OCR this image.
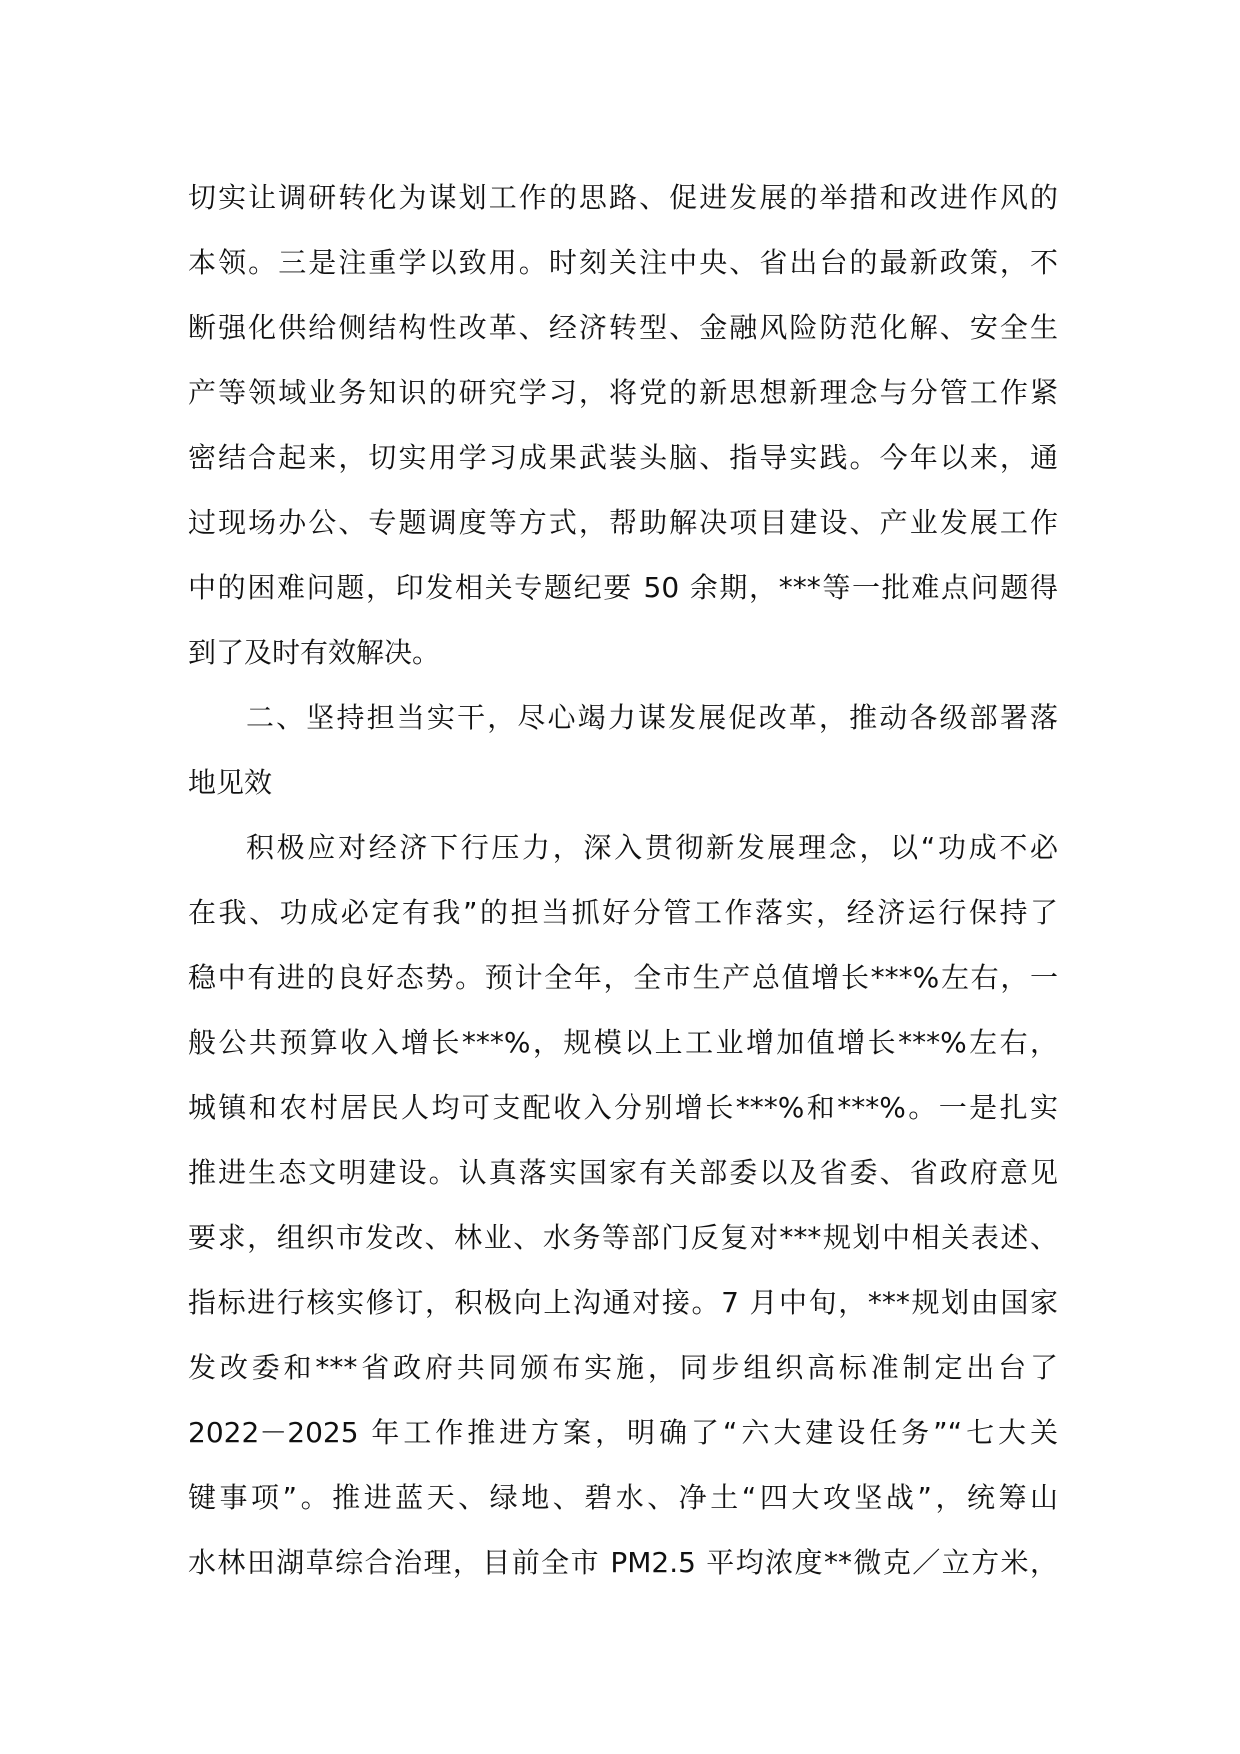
切实让调研转化为谋划工作的思路、促进发展的举措和改进作风的
本领。三是注重学以致用。时刻关注中央、省出台的最新政策，不
断强化供给侧结构性改革、经济转型、金融风险防范化解、安全生
产等领域业务知识的研究学习，将党的新思想新理念与分管工作紧
密结合起来，切实用学习成果武装头脑、指导实践。今年以来，通
过现场办公、专题调度等方式，帮助解决项目建设、产业发展工作
中的困难问题，印发相关专题纪要 50 余期，***等一批难点问题得
到了及时有效解决。
二、坚持担当实干，尽心竭力谋发展促改革，推动各级部署落
地见效
积极应对经济下行压力，深入贯彻新发展理念，以“功成不必
在我、功成必定有我”的担当抓好分管工作落实，经济运行保持了
稳中有进的良好态势。预计全年，全市生产总值增长***%左右，一
般公共预算收入增长***%，规模以上工业增加值增长***%左右，
城镇和农村居民人均可支配收入分别增长***%和***%。一是扎实
推进生态文明建设。认真落实国家有关部委以及省委、省政府意见
要求，组织市发改、林业、水务等部门反复对***规划中相关表述、
指标进行核实修订，积极向上沟通对接。7 月中旬，***规划由国家
发改委和***省政府共同颁布实施，同步组织高标准制定出台了
2022－2025 年工作推进方案，明确了“六大建设任务”“七大关
键事项”。推进蓝天、绿地、碧水、净土“四大攻坚战”，统筹山
水林田湖草综合治理，目前全市 PM2.5 平均浓度**微克／立方米，
